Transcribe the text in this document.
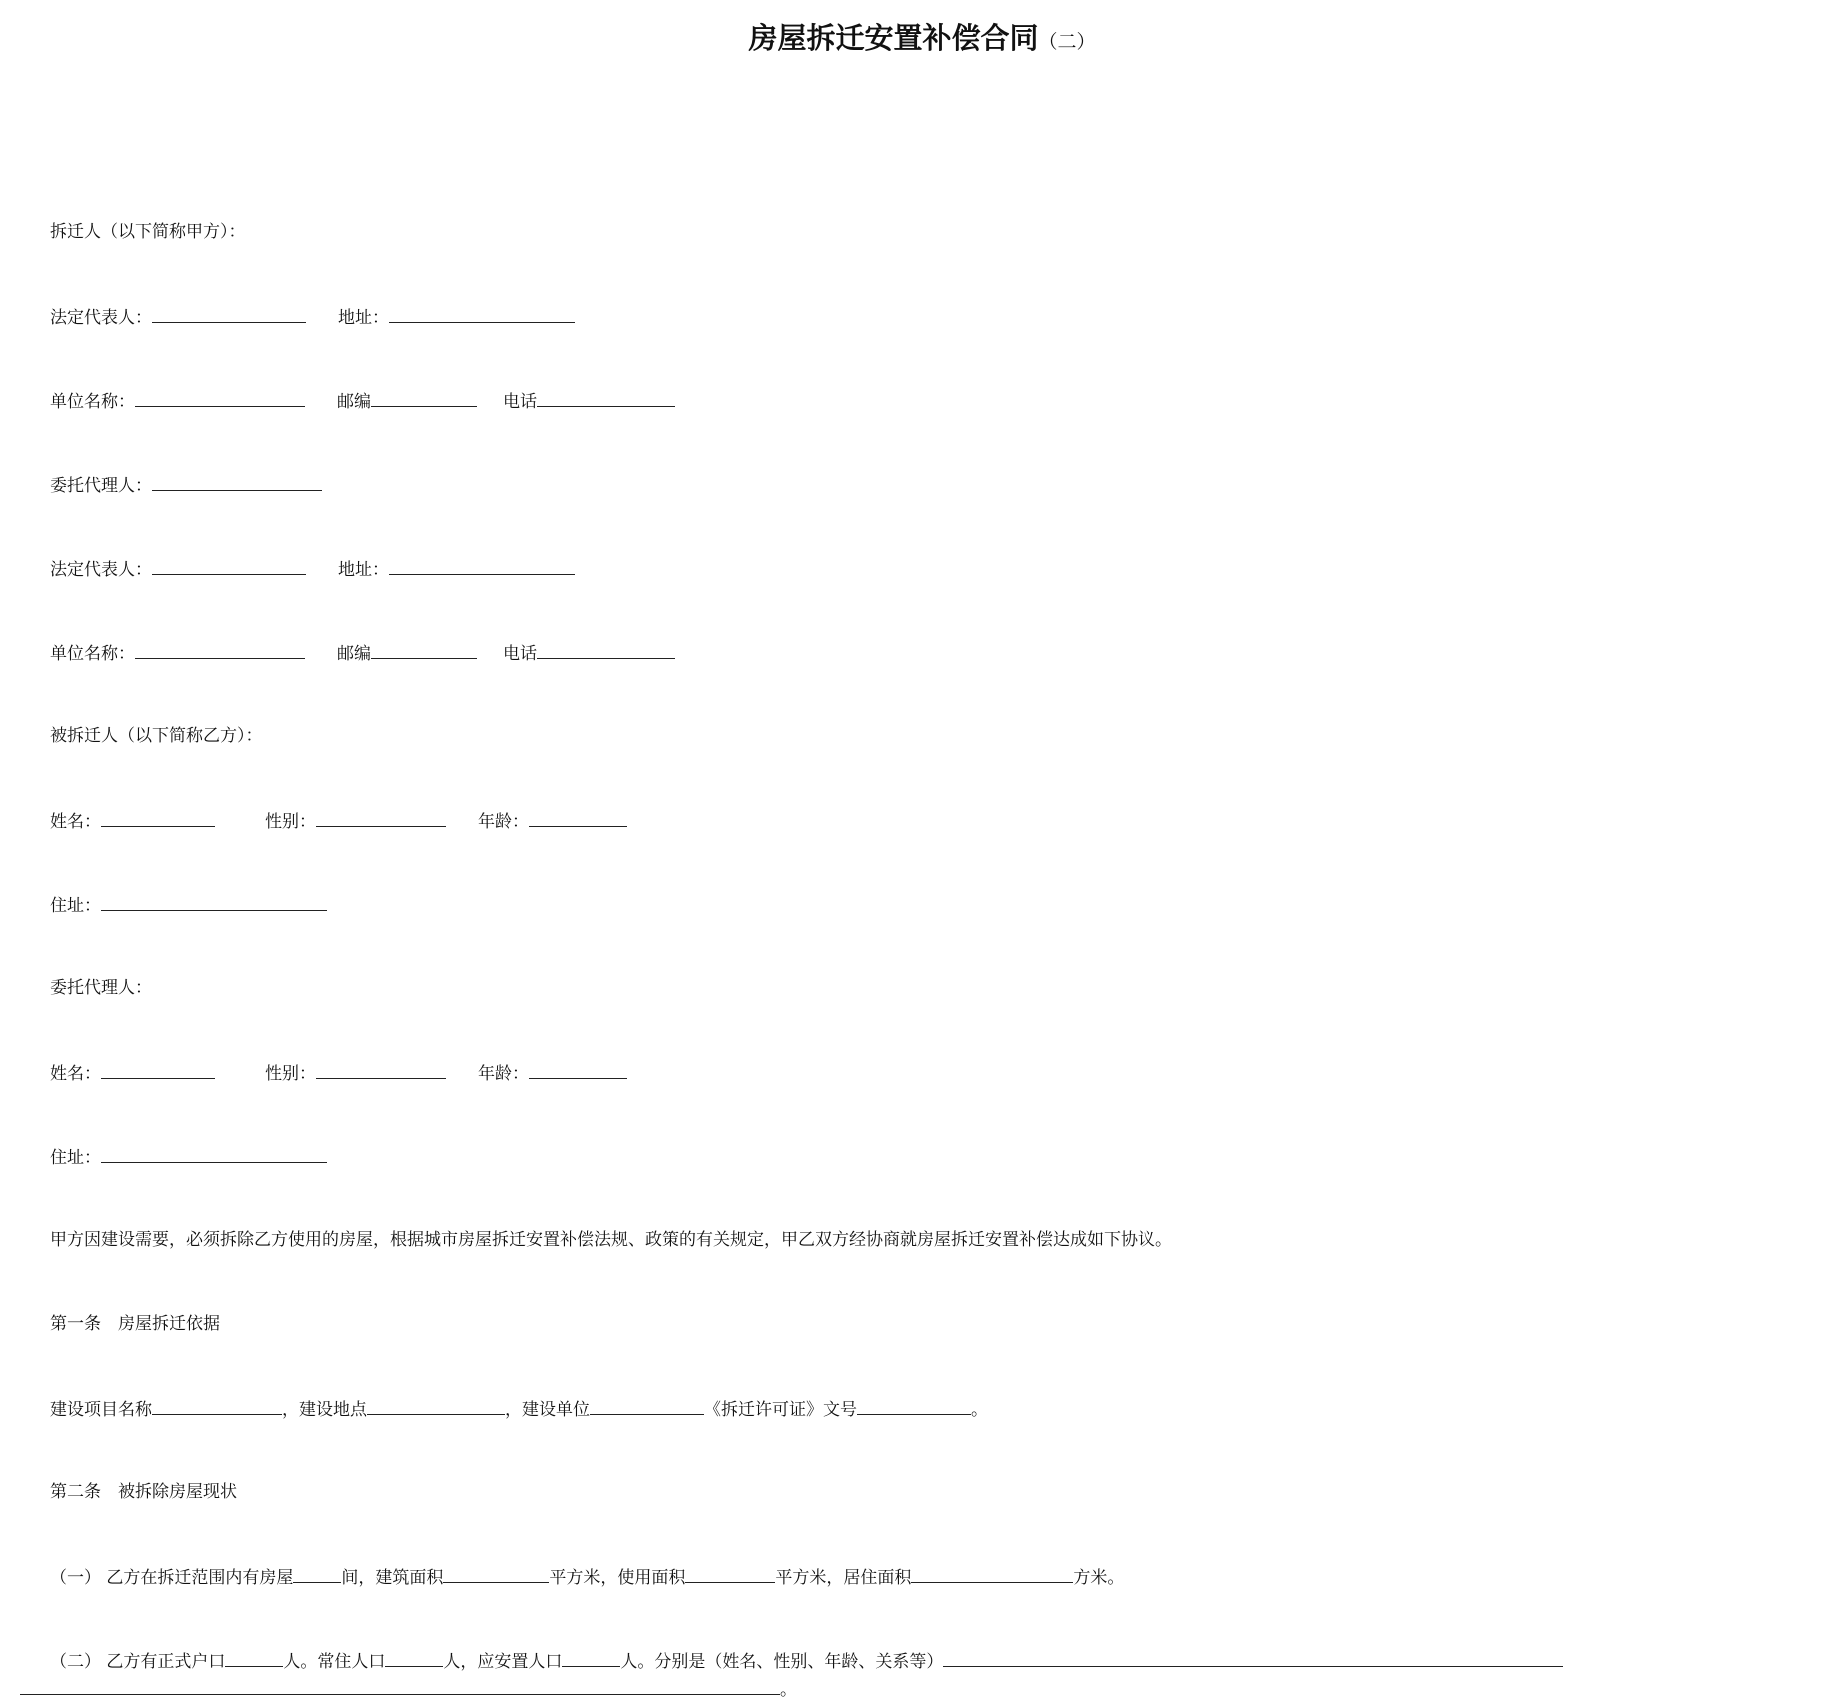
房屋拆迁安置补偿合同（二）
拆迁人（以下简称甲方）：
法定代表人：	地址：
单位名称：	邮编	电话
委托代理人：
法定代表人：	地址：
单位名称：	邮编	电话
被拆迁人（以下简称乙方）：
姓名：	性别：	年龄：
住址：
委托代理人：
姓名：	性别：	年龄：
住址：
甲方因建设需要，必须拆除乙方使用的房屋，根据城市房屋拆迁安置补偿法规、政策的有关规定，甲乙双方经协商就房屋拆迁安置补偿达成如下协议。
第一条　房屋拆迁依据
建设项目名称	，建设地点	，建设单位	《拆迁许可证》文号	。
第二条　被拆除房屋现状
（一） 乙方在拆迁范围内有房屋	间，建筑面积	平方米，使用面积	平方米，居住面积	方米。
（二） 乙方有正式户口	人。常住人口	人，应安置人口	人。分别是（姓名、性别、年龄、关系等）
。
